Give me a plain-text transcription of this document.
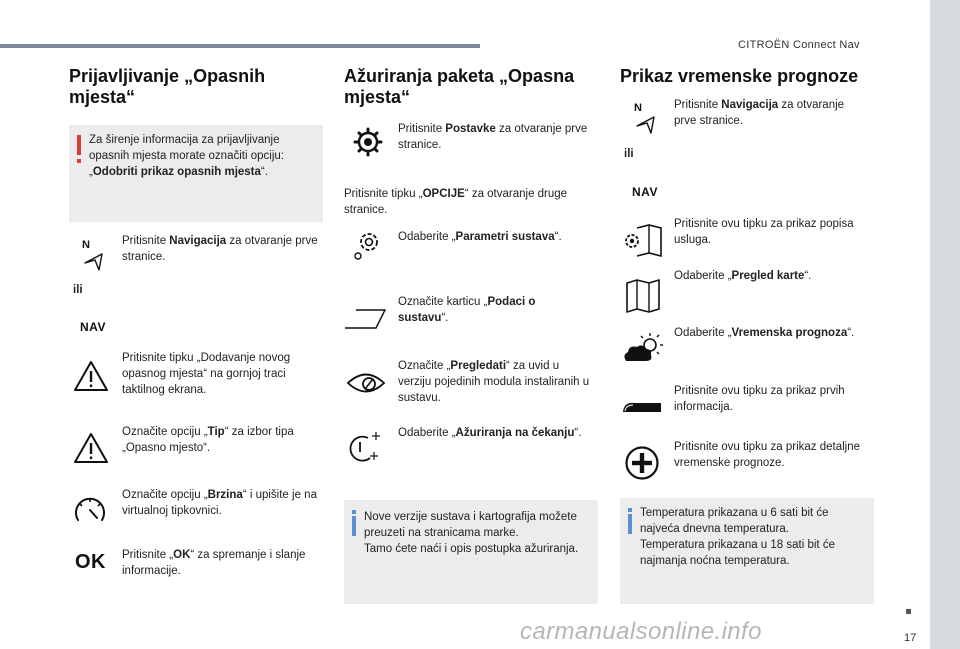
CITROËN Connect Nav
17
carmanualsonline.info
Prijavljivanje „Opasnih mjesta“
Za širenje informacija za prijavljivanje opasnih mjesta morate označiti opciju: „Odobriti prikaz opasnih mjesta“.
N	Pritisnite Navigacija za otvaranje prve stranice.
ili
NAV
Pritisnite tipku „Dodavanje novog opasnog mjesta“ na gornjoj traci taktilnog ekrana.
Označite opciju „Tip“ za izbor tipa „Opasno mjesto“.
Označite opciju „Brzina“ i upišite je na virtualnoj tipkovnici.
OK Pritisnite „OK“ za spremanje i slanje informacije.
Ažuriranja paketa „Opasna mjesta“
Pritisnite Postavke za otvaranje prve stranice.
Pritisnite tipku „OPCIJE“ za otvaranje druge stranice.
Odaberite „Parametri sustava“.
Označite karticu „Podaci o sustavu“.
Označite „Pregledati“ za uvid u verziju pojedinih modula instaliranih u sustavu.
Odaberite „Ažuriranja na čekanju“.
Nove verzije sustava i kartografija možete preuzeti na stranicama marke.
Tamo ćete naći i opis postupka ažuriranja.
Prikaz vremenske prognoze
N	Pritisnite Navigacija za otvaranje prve stranice.
ili
NAV
Pritisnite ovu tipku za prikaz popisa usluga.
Odaberite „Pregled karte“.
Odaberite „Vremenska prognoza“.
Pritisnite ovu tipku za prikaz prvih informacija.
Pritisnite ovu tipku za prikaz detaljne vremenske prognoze.
Temperatura prikazana u 6 sati bit će najveća dnevna temperatura.
Temperatura prikazana u 18 sati bit će najmanja noćna temperatura.
